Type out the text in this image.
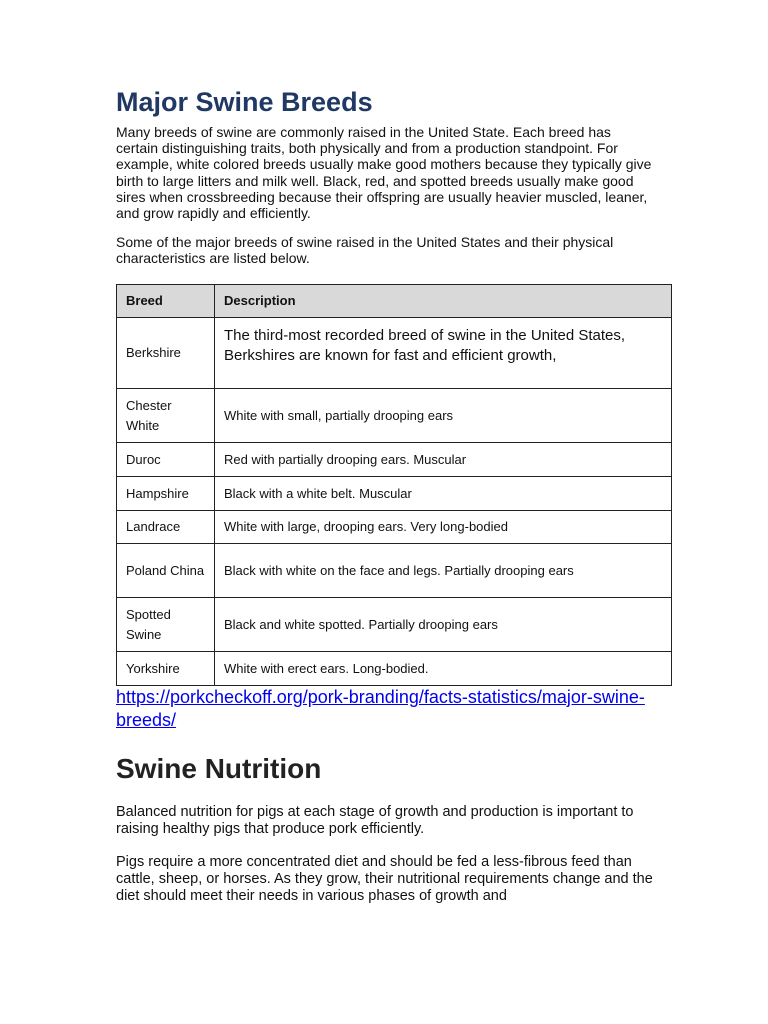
Major Swine Breeds

Many breeds of swine are commonly raised in the United State. Each breed has certain distinguishing traits, both physically and from a production standpoint. For example, white colored breeds usually make good mothers because they typically give birth to large litters and milk well. Black, red, and spotted breeds usually make good sires when crossbreeding because their offspring are usually heavier muscled, leaner, and grow rapidly and efficiently.

Some of the major breeds of swine raised in the United States and their physical characteristics are listed below.

Breed	Description
Berkshire	The third-most recorded breed of swine in the United States, Berkshires are known for fast and efficient growth,
Chester White	White with small, partially drooping ears
Duroc	Red with partially drooping ears. Muscular
Hampshire	Black with a white belt. Muscular
Landrace	White with large, drooping ears. Very long-bodied
Poland China	Black with white on the face and legs. Partially drooping ears
Spotted Swine	Black and white spotted. Partially drooping ears
Yorkshire	White with erect ears. Long-bodied.
https://porkcheckoff.org/pork-branding/facts-statistics/major-swine-breeds/
Swine Nutrition

Balanced nutrition for pigs at each stage of growth and production is important to raising healthy pigs that produce pork efficiently.

Pigs require a more concentrated diet and should be fed a less-fibrous feed than cattle, sheep, or horses. As they grow, their nutritional requirements change and the diet should meet their needs in various phases of growth and
